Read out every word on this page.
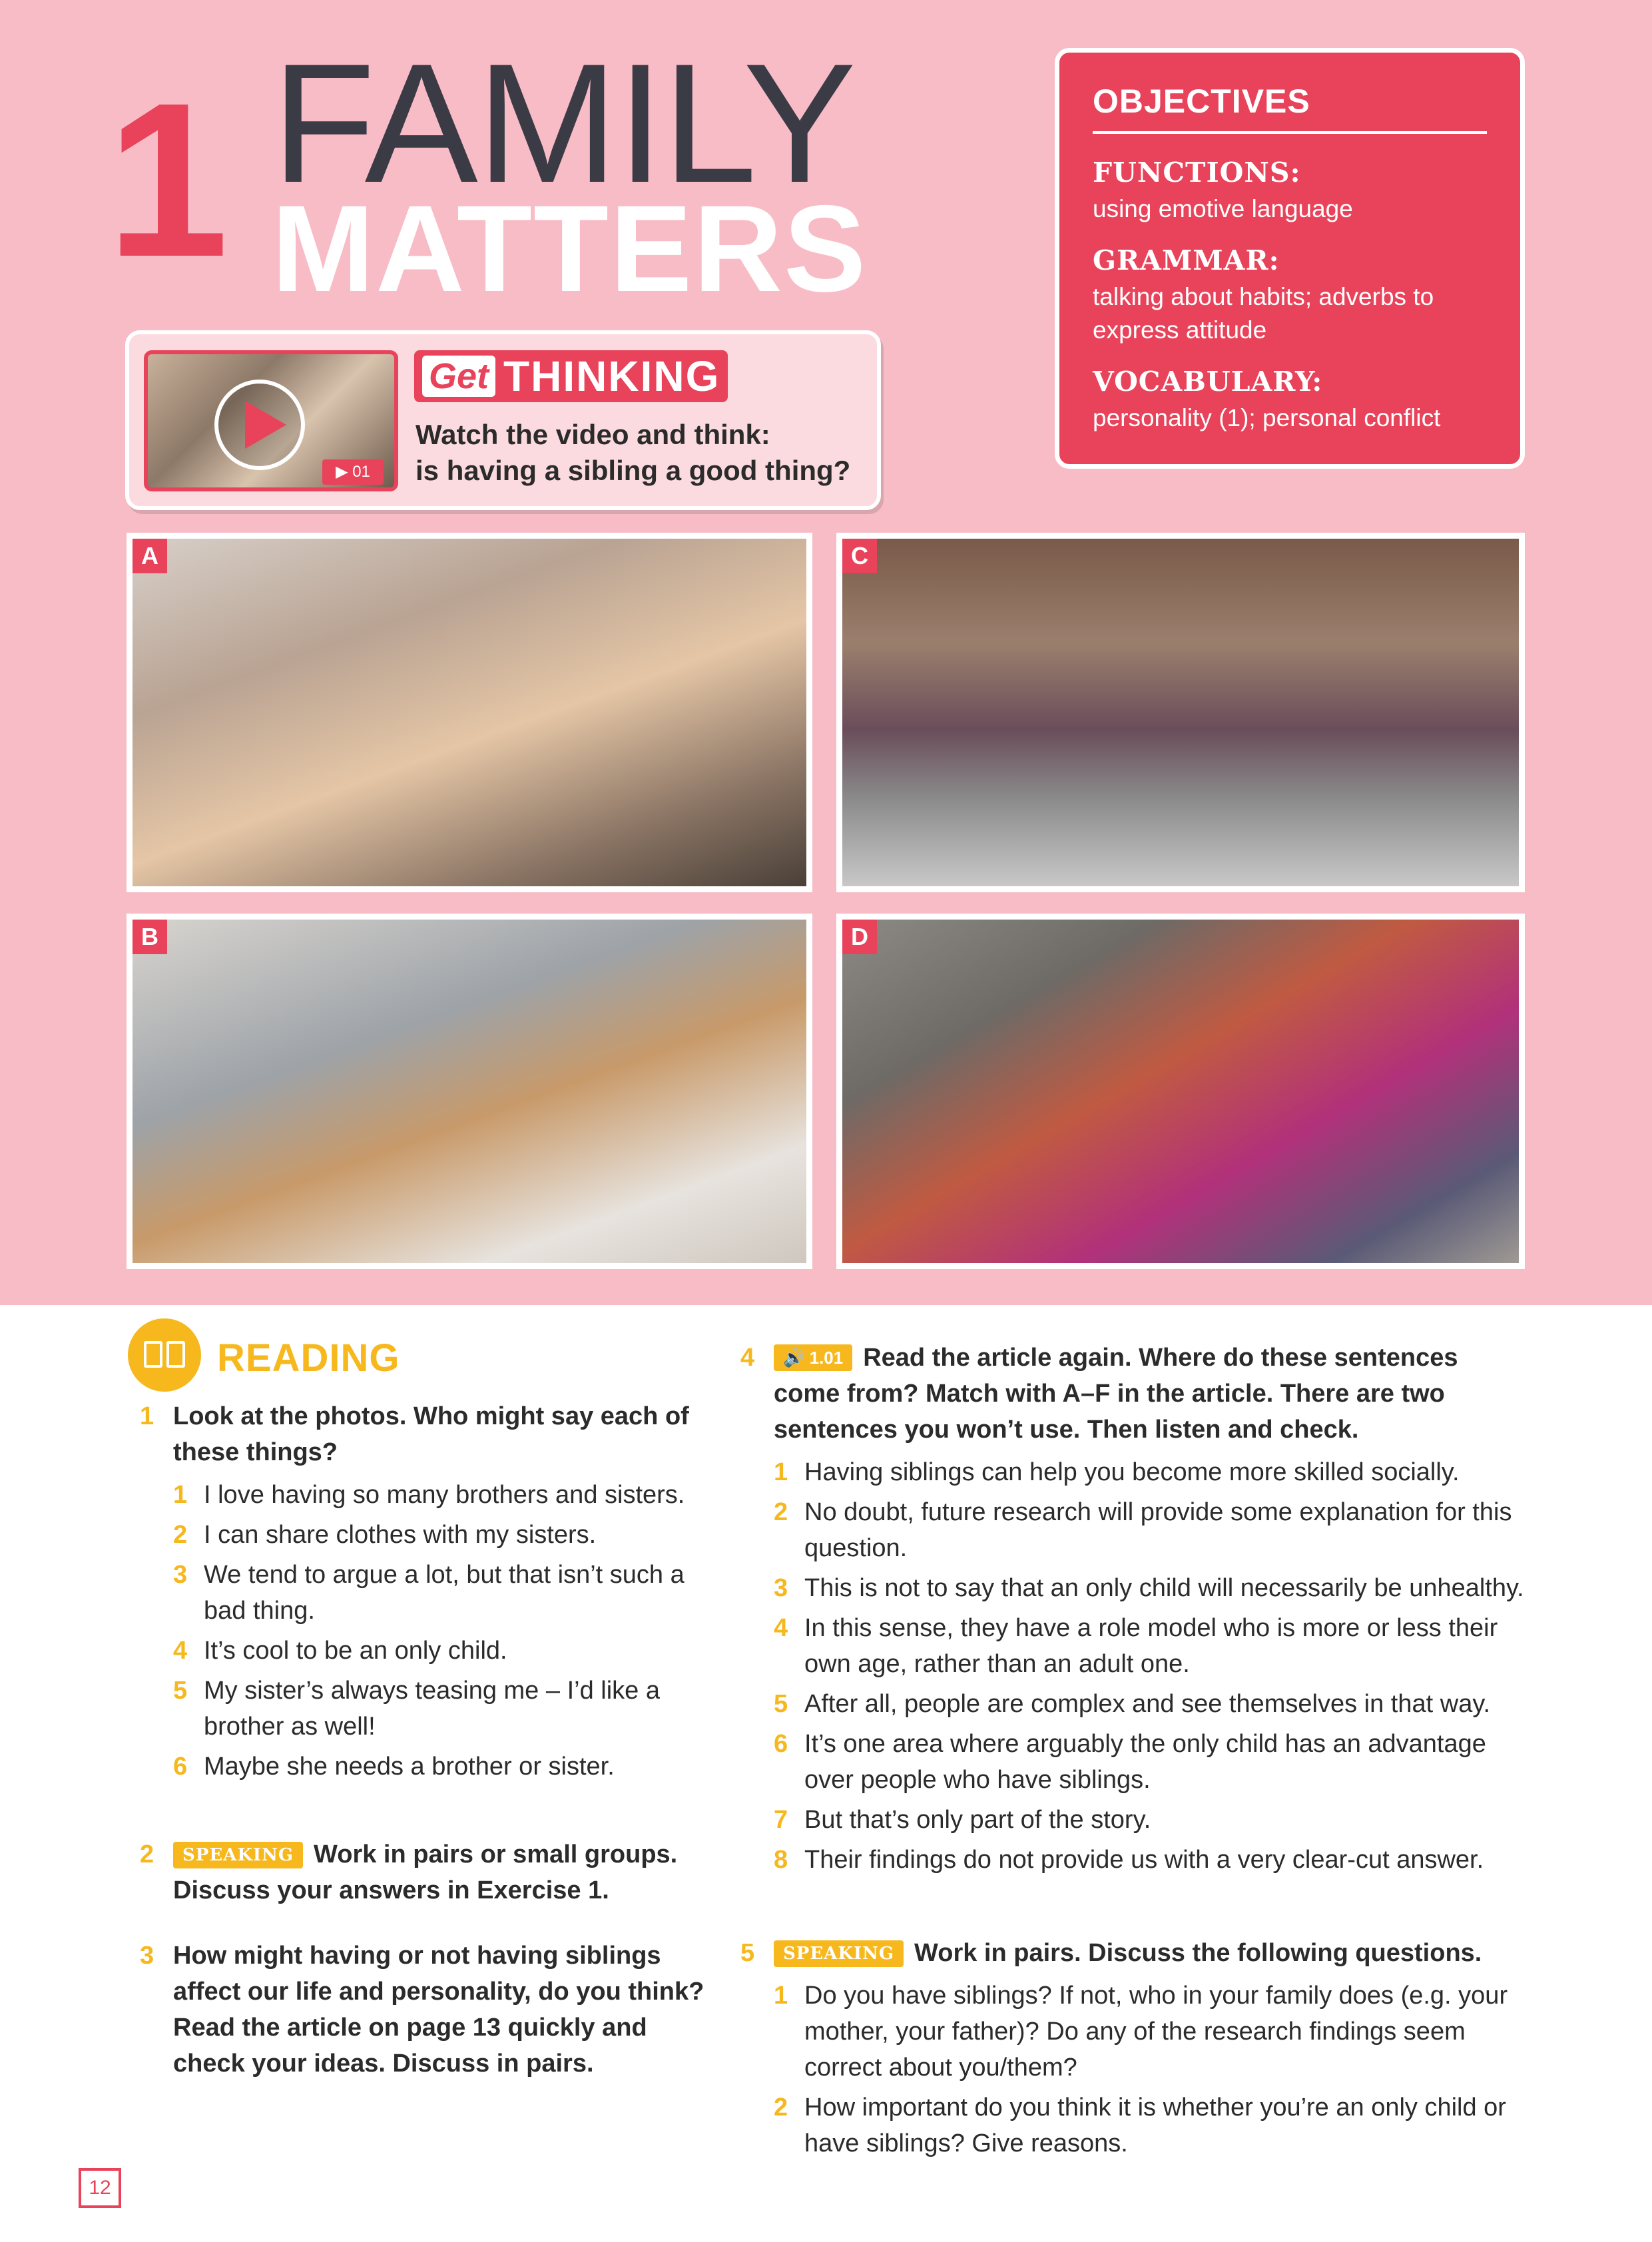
1 FAMILY
MATTERS
OBJECTIVES
FUNCTIONS:
using emotive language
GRAMMAR:
talking about habits; adverbs to express attitude
VOCABULARY:
personality (1); personal conflict
▶ 01
Get THINKING
Watch the video and think:
is having a sibling a good thing?
A	C
B	D
READING
1 Look at the photos. Who might say each of these things?
1 I love having so many brothers and sisters.
2 I can share clothes with my sisters.
3 We tend to argue a lot, but that isn’t such a bad thing.
4 It’s cool to be an only child.
5 My sister’s always teasing me – I’d like a brother as well!
6 Maybe she needs a brother or sister.
2	SPEAKING Work in pairs or small groups. Discuss your answers in Exercise 1.
3 How might having or not having siblings affect our life and personality, do you think? Read the article on page 13 quickly and check your ideas. Discuss in pairs.
4	🔊 1.01 Read the article again. Where do these sentences come from? Match with A–F in the article. There are two sentences you won’t use. Then listen and check.
1 Having siblings can help you become more skilled socially.
2 No doubt, future research will provide some explanation for this question.
3 This is not to say that an only child will necessarily be unhealthy.
4 In this sense, they have a role model who is more or less their own age, rather than an adult one.
5 After all, people are complex and see themselves in that way.
6 It’s one area where arguably the only child has an advantage over people who have siblings.
7 But that’s only part of the story.
8 Their findings do not provide us with a very clear-cut answer.
5	SPEAKING Work in pairs. Discuss the following questions.
1 Do you have siblings? If not, who in your family does (e.g. your mother, your father)? Do any of the research findings seem correct about you/them?
2 How important do you think it is whether you’re an only child or have siblings? Give reasons.
12
